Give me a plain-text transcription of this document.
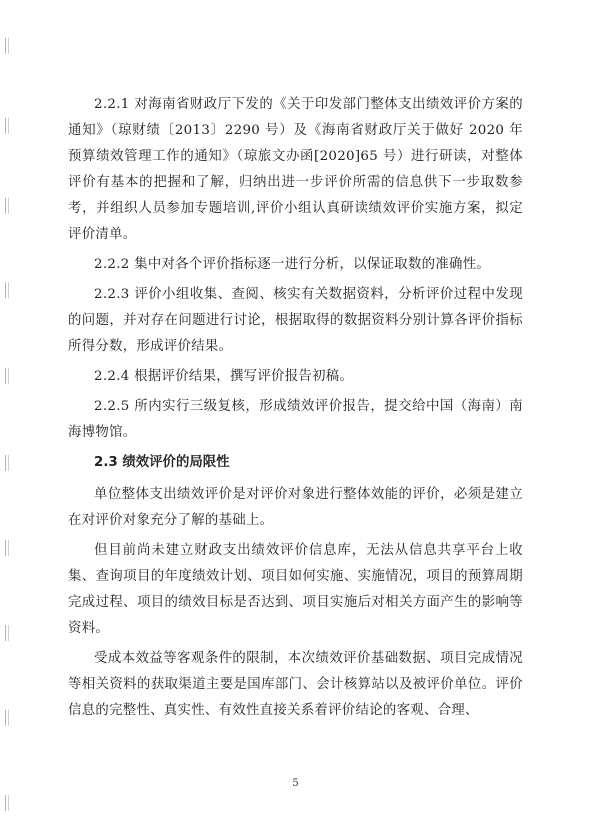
2.2.1 对海南省财政厅下发的《关于印发部门整体支出绩效评价方案的通知》（琼财绩〔2013〕2290 号）及《海南省财政厅关于做好 2020 年预算绩效管理工作的通知》（琼旅文办函[2020]65 号）进行研读，对整体评价有基本的把握和了解，归纳出进一步评价所需的信息供下一步取数参考，并组织人员参加专题培训,评价小组认真研读绩效评价实施方案，拟定评价清单。

2.2.2 集中对各个评价指标逐一进行分析，以保证取数的准确性。

2.2.3 评价小组收集、查阅、核实有关数据资料，分析评价过程中发现的问题，并对存在问题进行讨论，根据取得的数据资料分别计算各评价指标所得分数，形成评价结果。

2.2.4 根据评价结果，撰写评价报告初稿。

2.2.5 所内实行三级复核，形成绩效评价报告，提交给中国（海南）南海博物馆。

2.3 绩效评价的局限性

单位整体支出绩效评价是对评价对象进行整体效能的评价，必须是建立在对评价对象充分了解的基础上。

但目前尚未建立财政支出绩效评价信息库，无法从信息共享平台上收集、查询项目的年度绩效计划、项目如何实施、实施情况，项目的预算周期完成过程、项目的绩效目标是否达到、项目实施后对相关方面产生的影响等资料。

受成本效益等客观条件的限制，本次绩效评价基础数据、项目完成情况等相关资料的获取渠道主要是国库部门、会计核算站以及被评价单位。评价信息的完整性、真实性、有效性直接关系着评价结论的客观、合理、

5
